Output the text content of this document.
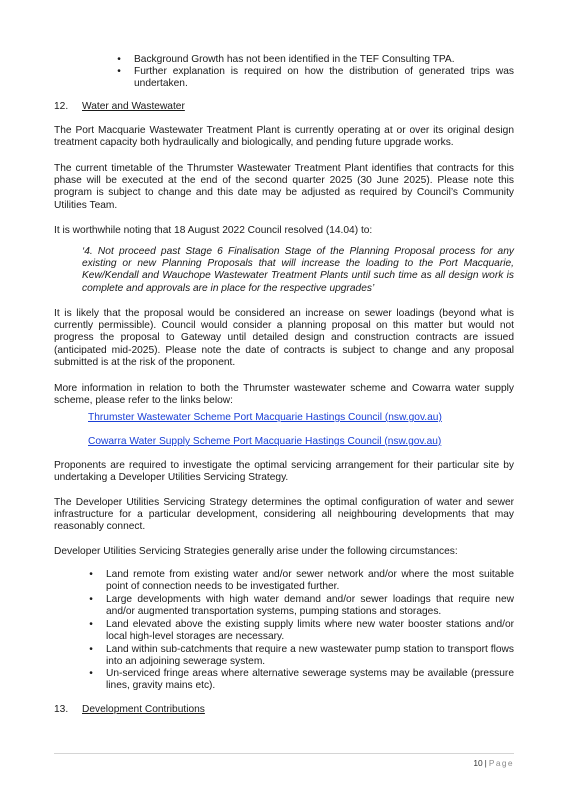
•	Background Growth has not been identified in the TEF Consulting TPA.
•	Further explanation is required on how the distribution of generated trips was undertaken.
12. Water and Wastewater

The Port Macquarie Wastewater Treatment Plant is currently operating at or over its original design treatment capacity both hydraulically and biologically, and pending future upgrade works.

The current timetable of the Thrumster Wastewater Treatment Plant identifies that contracts for this phase will be executed at the end of the second quarter 2025 (30 June 2025). Please note this program is subject to change and this date may be adjusted as required by Council’s Community Utilities Team.

It is worthwhile noting that 18 August 2022 Council resolved (14.04) to:

‘4. Not proceed past Stage 6 Finalisation Stage of the Planning Proposal process for any existing or new Planning Proposals that will increase the loading to the Port Macquarie, Kew/Kendall and Wauchope Wastewater Treatment Plants until such time as all design work is complete and approvals are in place for the respective upgrades’

It is likely that the proposal would be considered an increase on sewer loadings (beyond what is currently permissible). Council would consider a planning proposal on this matter but would not progress the proposal to Gateway until detailed design and construction contracts are issued (anticipated mid-2025). Please note the date of contracts is subject to change and any proposal submitted is at the risk of the proponent.

More information in relation to both the Thrumster wastewater scheme and Cowarra water supply scheme, please refer to the links below:

Thrumster Wastewater Scheme Port Macquarie Hastings Council (nsw.gov.au)
Cowarra Water Supply Scheme Port Macquarie Hastings Council (nsw.gov.au)

Proponents are required to investigate the optimal servicing arrangement for their particular site by undertaking a Developer Utilities Servicing Strategy.

The Developer Utilities Servicing Strategy determines the optimal configuration of water and sewer infrastructure for a particular development, considering all neighbouring developments that may reasonably connect.

Developer Utilities Servicing Strategies generally arise under the following circumstances:

•	Land remote from existing water and/or sewer network and/or where the most suitable point of connection needs to be investigated further.
•	Large developments with high water demand and/or sewer loadings that require new and/or augmented transportation systems, pumping stations and storages.
•	Land elevated above the existing supply limits where new water booster stations and/or local high-level storages are necessary.
•	Land within sub-catchments that require a new wastewater pump station to transport flows into an adjoining sewerage system.
•	Un-serviced fringe areas where alternative sewerage systems may be available (pressure lines, gravity mains etc).
13. Development Contributions
10 | Page
